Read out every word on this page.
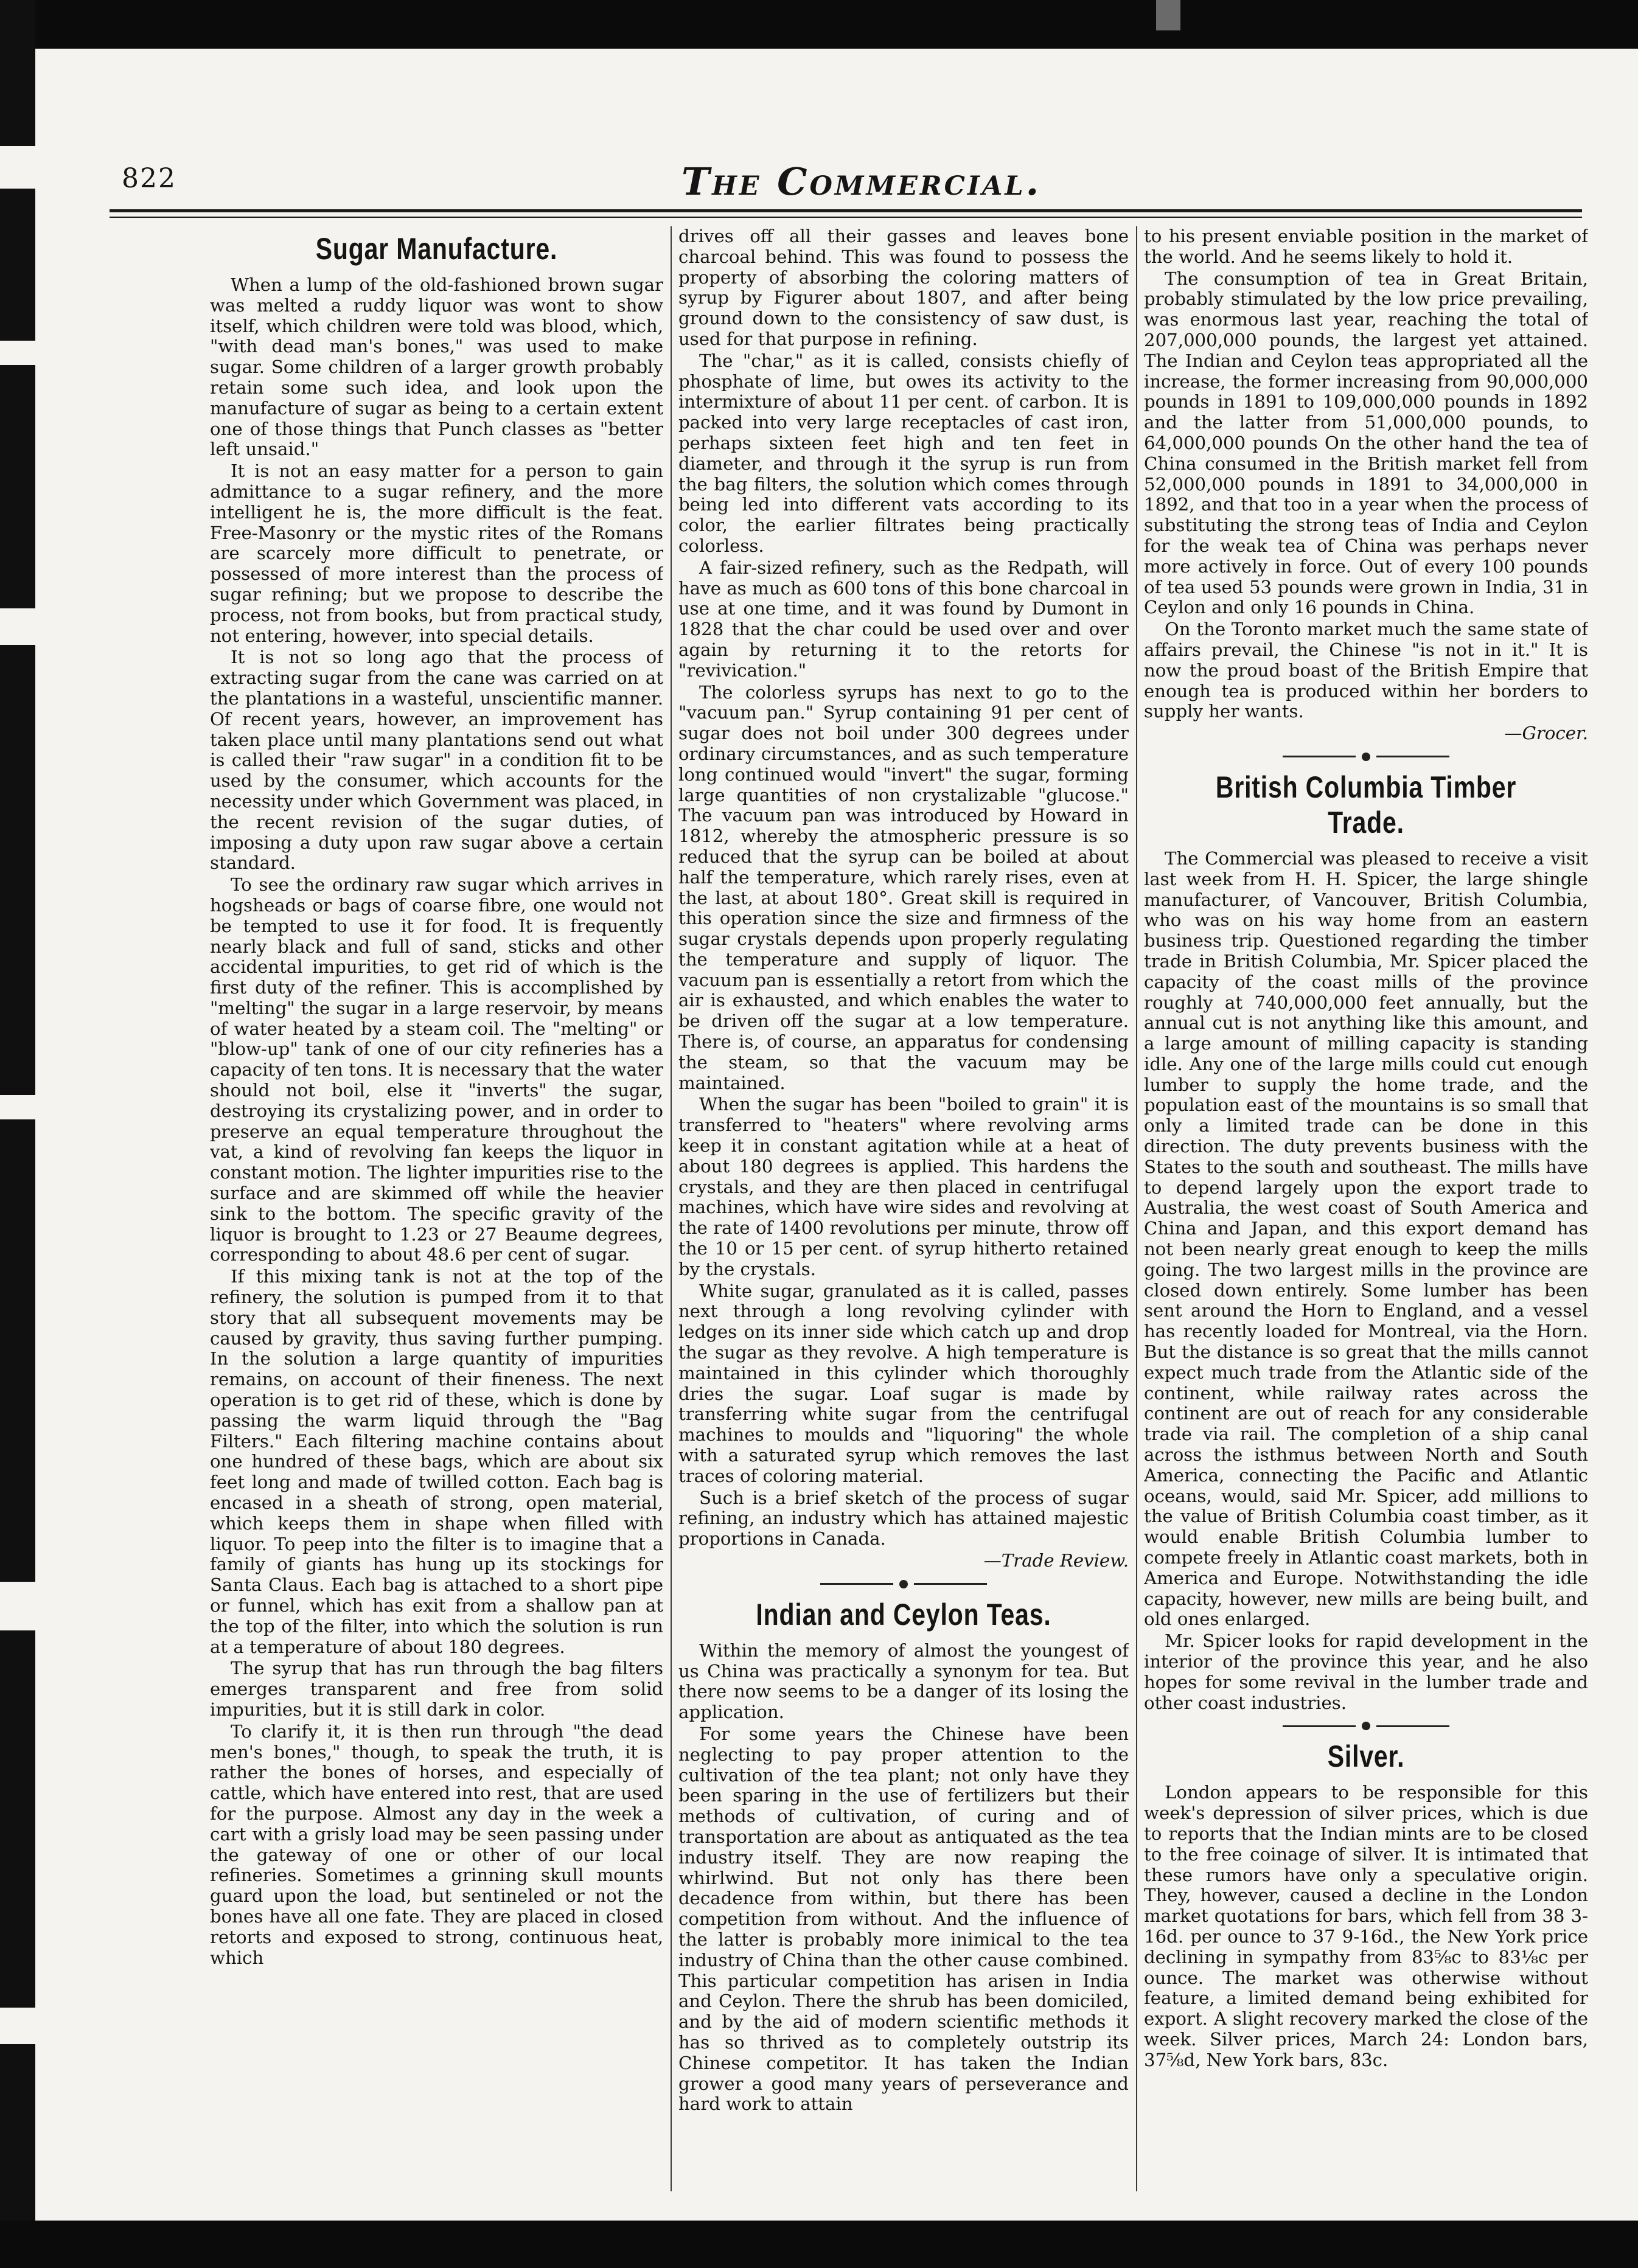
822	The Commercial.
Sugar Manufacture.

When a lump of the old-fashioned brown sugar was melted a ruddy liquor was wont to show itself, which children were told was blood, which, "with dead man's bones," was used to make sugar. Some children of a larger growth probably retain some such idea, and look upon the manufacture of sugar as being to a certain extent one of those things that Punch classes as "better left unsaid."

It is not an easy matter for a person to gain admittance to a sugar refinery, and the more intelligent he is, the more difficult is the feat. Free-Masonry or the mystic rites of the Romans are scarcely more difficult to penetrate, or possessed of more interest than the process of sugar refining; but we propose to describe the process, not from books, but from practical study, not entering, however, into special details.

It is not so long ago that the process of extracting sugar from the cane was carried on at the plantations in a wasteful, unscientific manner. Of recent years, however, an improvement has taken place until many plantations send out what is called their "raw sugar" in a condition fit to be used by the consumer, which accounts for the necessity under which Government was placed, in the recent revision of the sugar duties, of imposing a duty upon raw sugar above a certain standard.

To see the ordinary raw sugar which arrives in hogsheads or bags of coarse fibre, one would not be tempted to use it for food. It is frequently nearly black and full of sand, sticks and other accidental impurities, to get rid of which is the first duty of the refiner. This is accomplished by "melting" the sugar in a large reservoir, by means of water heated by a steam coil. The "melting" or "blow-up" tank of one of our city refineries has a capacity of ten tons. It is necessary that the water should not boil, else it "inverts" the sugar, destroying its crystalizing power, and in order to preserve an equal temperature throughout the vat, a kind of revolving fan keeps the liquor in constant motion. The lighter impurities rise to the surface and are skimmed off while the heavier sink to the bottom. The specific gravity of the liquor is brought to 1.23 or 27 Beaume degrees, corresponding to about 48.6 per cent of sugar.

If this mixing tank is not at the top of the refinery, the solution is pumped from it to that story that all subsequent movements may be caused by gravity, thus saving further pumping. In the solution a large quantity of impurities remains, on account of their fineness. The next operation is to get rid of these, which is done by passing the warm liquid through the "Bag Filters." Each filtering machine contains about one hundred of these bags, which are about six feet long and made of twilled cotton. Each bag is encased in a sheath of strong, open material, which keeps them in shape when filled with liquor. To peep into the filter is to imagine that a family of giants has hung up its stockings for Santa Claus. Each bag is attached to a short pipe or funnel, which has exit from a shallow pan at the top of the filter, into which the solution is run at a temperature of about 180 degrees.

The syrup that has run through the bag filters emerges transparent and free from solid impurities, but it is still dark in color.

To clarify it, it is then run through "the dead men's bones," though, to speak the truth, it is rather the bones of horses, and especially of cattle, which have entered into rest, that are used for the purpose. Almost any day in the week a cart with a grisly load may be seen passing under the gateway of one or other of our local refineries. Sometimes a grinning skull mounts guard upon the load, but sentineled or not the bones have all one fate. They are placed in closed retorts and exposed to strong, continuous heat, which

drives off all their gasses and leaves bone charcoal behind. This was found to possess the property of absorbing the coloring matters of syrup by Figurer about 1807, and after being ground down to the consistency of saw dust, is used for that purpose in refining.

The "char," as it is called, consists chiefly of phosphate of lime, but owes its activity to the intermixture of about 11 per cent. of carbon. It is packed into very large receptacles of cast iron, perhaps sixteen feet high and ten feet in diameter, and through it the syrup is run from the bag filters, the solution which comes through being led into different vats according to its color, the earlier filtrates being practically colorless.

A fair-sized refinery, such as the Redpath, will have as much as 600 tons of this bone charcoal in use at one time, and it was found by Dumont in 1828 that the char could be used over and over again by returning it to the retorts for "revivication."

The colorless syrups has next to go to the "vacuum pan." Syrup containing 91 per cent of sugar does not boil under 300 degrees under ordinary circumstances, and as such temperature long continued would "invert" the sugar, forming large quantities of non crystalizable "glucose." The vacuum pan was introduced by Howard in 1812, whereby the atmospheric pressure is so reduced that the syrup can be boiled at about half the temperature, which rarely rises, even at the last, at about 180°. Great skill is required in this operation since the size and firmness of the sugar crystals depends upon properly regulating the temperature and supply of liquor. The vacuum pan is essentially a retort from which the air is exhausted, and which enables the water to be driven off the sugar at a low temperature. There is, of course, an apparatus for condensing the steam, so that the vacuum may be maintained.

When the sugar has been "boiled to grain" it is transferred to "heaters" where revolving arms keep it in constant agitation while at a heat of about 180 degrees is applied. This hardens the crystals, and they are then placed in centrifugal machines, which have wire sides and revolving at the rate of 1400 revolutions per minute, throw off the 10 or 15 per cent. of syrup hitherto retained by the crystals.

White sugar, granulated as it is called, passes next through a long revolving cylinder with ledges on its inner side which catch up and drop the sugar as they revolve. A high temperature is maintained in this cylinder which thoroughly dries the sugar. Loaf sugar is made by transferring white sugar from the centrifugal machines to moulds and "liquoring" the whole with a saturated syrup which removes the last traces of coloring material.

Such is a brief sketch of the process of sugar refining, an industry which has attained majestic proportions in Canada.

—Trade Review.

Indian and Ceylon Teas.

Within the memory of almost the youngest of us China was practically a synonym for tea. But there now seems to be a danger of its losing the application.

For some years the Chinese have been neglecting to pay proper attention to the cultivation of the tea plant; not only have they been sparing in the use of fertilizers but their methods of cultivation, of curing and of transportation are about as antiquated as the tea industry itself. They are now reaping the whirlwind. But not only has there been decadence from within, but there has been competition from without. And the influence of the latter is probably more inimical to the tea industry of China than the other cause combined. This particular competition has arisen in India and Ceylon. There the shrub has been domiciled, and by the aid of modern scientific methods it has so thrived as to completely outstrip its Chinese competitor. It has taken the Indian grower a good many years of perseverance and hard work to attain

to his present enviable position in the market of the world. And he seems likely to hold it.

The consumption of tea in Great Britain, probably stimulated by the low price prevailing, was enormous last year, reaching the total of 207,000,000 pounds, the largest yet attained. The Indian and Ceylon teas appropriated all the increase, the former increasing from 90,000,000 pounds in 1891 to 109,000,000 pounds in 1892 and the latter from 51,000,000 pounds, to 64,000,000 pounds On the other hand the tea of China consumed in the British market fell from 52,000,000 pounds in 1891 to 34,000,000 in 1892, and that too in a year when the process of substituting the strong teas of India and Ceylon for the weak tea of China was perhaps never more actively in force. Out of every 100 pounds of tea used 53 pounds were grown in India, 31 in Ceylon and only 16 pounds in China.

On the Toronto market much the same state of affairs prevail, the Chinese "is not in it." It is now the proud boast of the British Empire that enough tea is produced within her borders to supply her wants.

—Grocer.

British Columbia Timber Trade.

The Commercial was pleased to receive a visit last week from H. H. Spicer, the large shingle manufacturer, of Vancouver, British Columbia, who was on his way home from an eastern business trip. Questioned regarding the timber trade in British Columbia, Mr. Spicer placed the capacity of the coast mills of the province roughly at 740,000,000 feet annually, but the annual cut is not anything like this amount, and a large amount of milling capacity is standing idle. Any one of the large mills could cut enough lumber to supply the home trade, and the population east of the mountains is so small that only a limited trade can be done in this direction. The duty prevents business with the States to the south and southeast. The mills have to depend largely upon the export trade to Australia, the west coast of South America and China and Japan, and this export demand has not been nearly great enough to keep the mills going. The two largest mills in the province are closed down entirely. Some lumber has been sent around the Horn to England, and a vessel has recently loaded for Montreal, via the Horn. But the distance is so great that the mills cannot expect much trade from the Atlantic side of the continent, while railway rates across the continent are out of reach for any considerable trade via rail. The completion of a ship canal across the isthmus between North and South America, connecting the Pacific and Atlantic oceans, would, said Mr. Spicer, add millions to the value of British Columbia coast timber, as it would enable British Columbia lumber to compete freely in Atlantic coast markets, both in America and Europe. Notwithstanding the idle capacity, however, new mills are being built, and old ones enlarged.

Mr. Spicer looks for rapid development in the interior of the province this year, and he also hopes for some revival in the lumber trade and other coast industries.

Silver.

London appears to be responsible for this week's depression of silver prices, which is due to reports that the Indian mints are to be closed to the free coinage of silver. It is intimated that these rumors have only a speculative origin. They, however, caused a decline in the London market quotations for bars, which fell from 38 3-16d. per ounce to 37 9-16d., the New York price declining in sympathy from 83⅝c to 83⅛c per ounce. The market was otherwise without feature, a limited demand being exhibited for export. A slight recovery marked the close of the week. Silver prices, March 24: London bars, 37⅝d, New York bars, 83c.
